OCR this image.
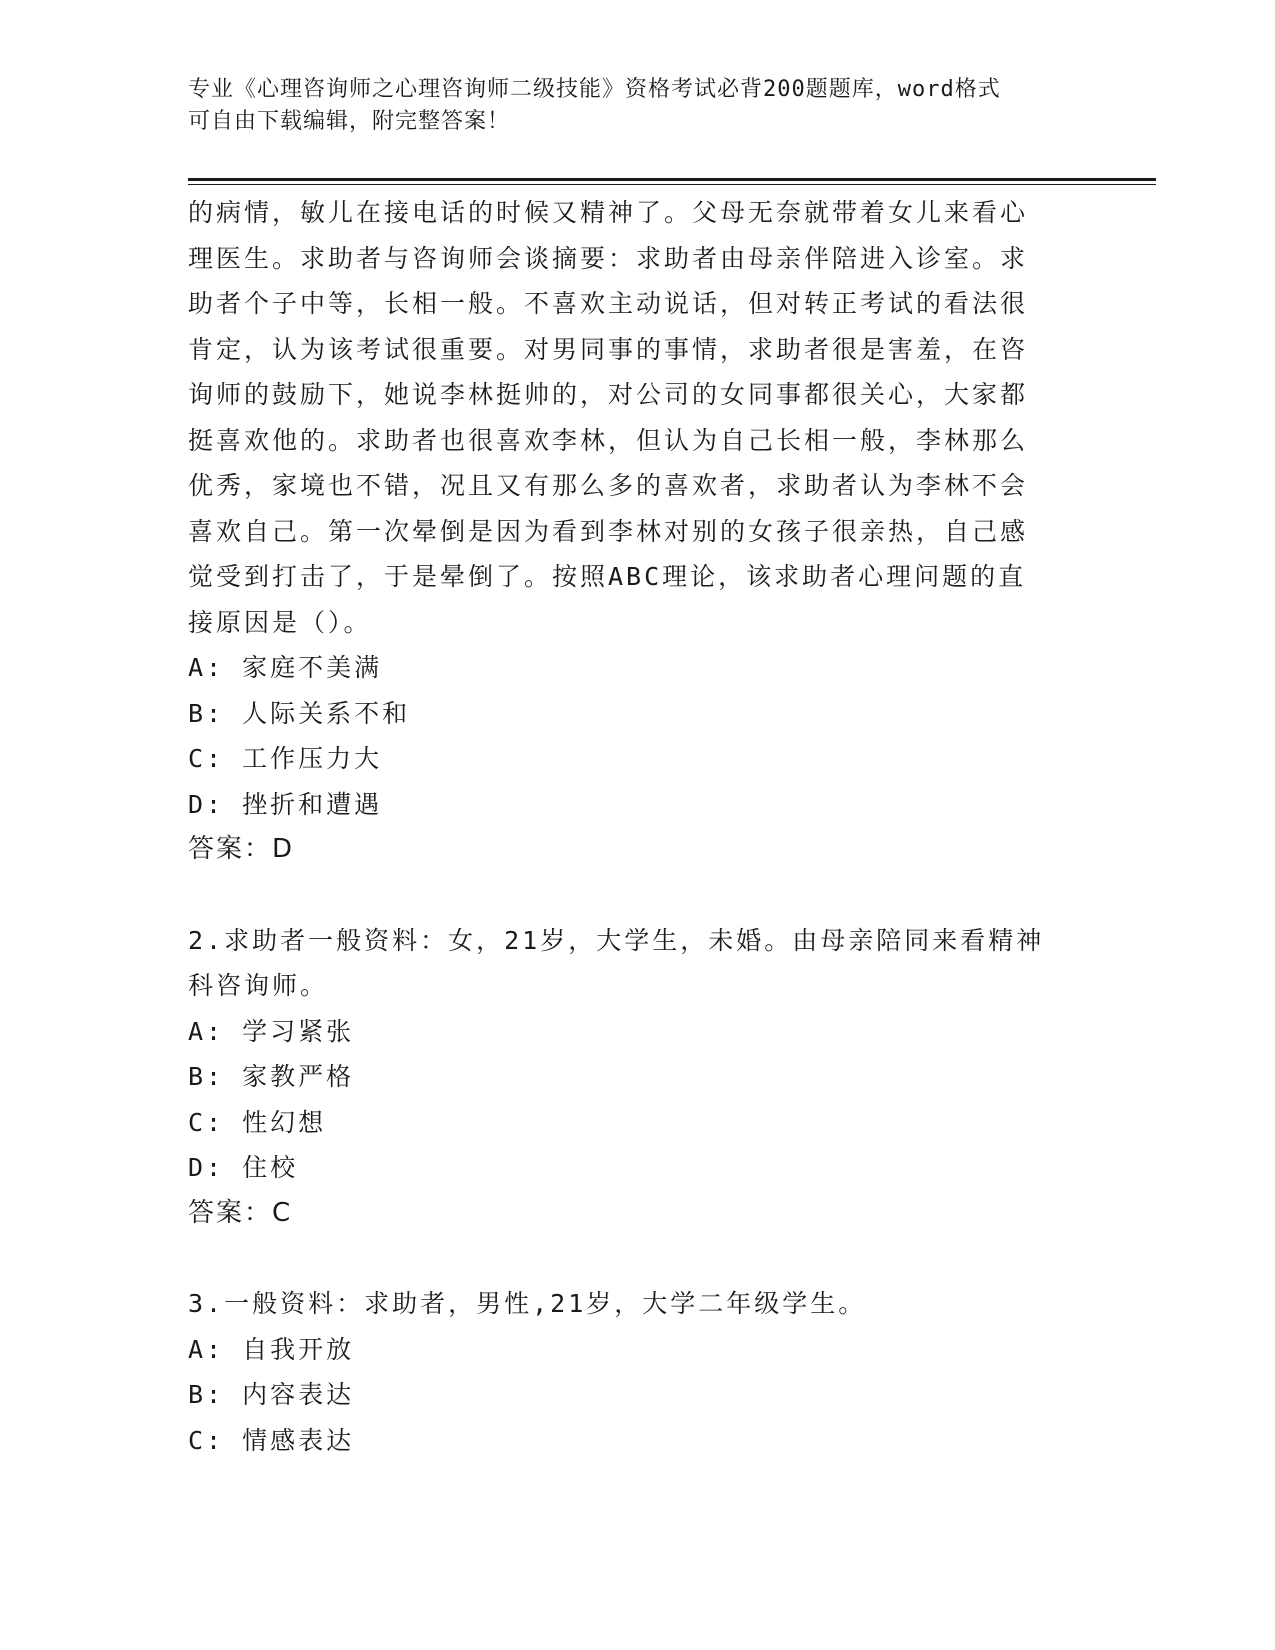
专业《心理咨询师之心理咨询师二级技能》资格考试必背200题题库，word格式
可自由下载编辑，附完整答案！
的病情，敏儿在接电话的时候又精神了。父母无奈就带着女儿来看心
理医生。求助者与咨询师会谈摘要：求助者由母亲伴陪进入诊室。求
助者个子中等，长相一般。不喜欢主动说话，但对转正考试的看法很
肯定，认为该考试很重要。对男同事的事情，求助者很是害羞，在咨
询师的鼓励下，她说李林挺帅的，对公司的女同事都很关心，大家都
挺喜欢他的。求助者也很喜欢李林，但认为自己长相一般，李林那么
优秀，家境也不错，况且又有那么多的喜欢者，求助者认为李林不会
喜欢自己。第一次晕倒是因为看到李林对别的女孩子很亲热，自己感
觉受到打击了，于是晕倒了。按照ABC理论，该求助者心理问题的直
接原因是（）。
A: 家庭不美满
B: 人际关系不和
C: 工作压力大
D: 挫折和遭遇
答案：D
2.求助者一般资料：女，21岁，大学生，未婚。由母亲陪同来看精神
科咨询师。
A: 学习紧张
B: 家教严格
C: 性幻想
D: 住校
答案：C
3.一般资料：求助者，男性,21岁，大学二年级学生。
A: 自我开放
B: 内容表达
C: 情感表达
